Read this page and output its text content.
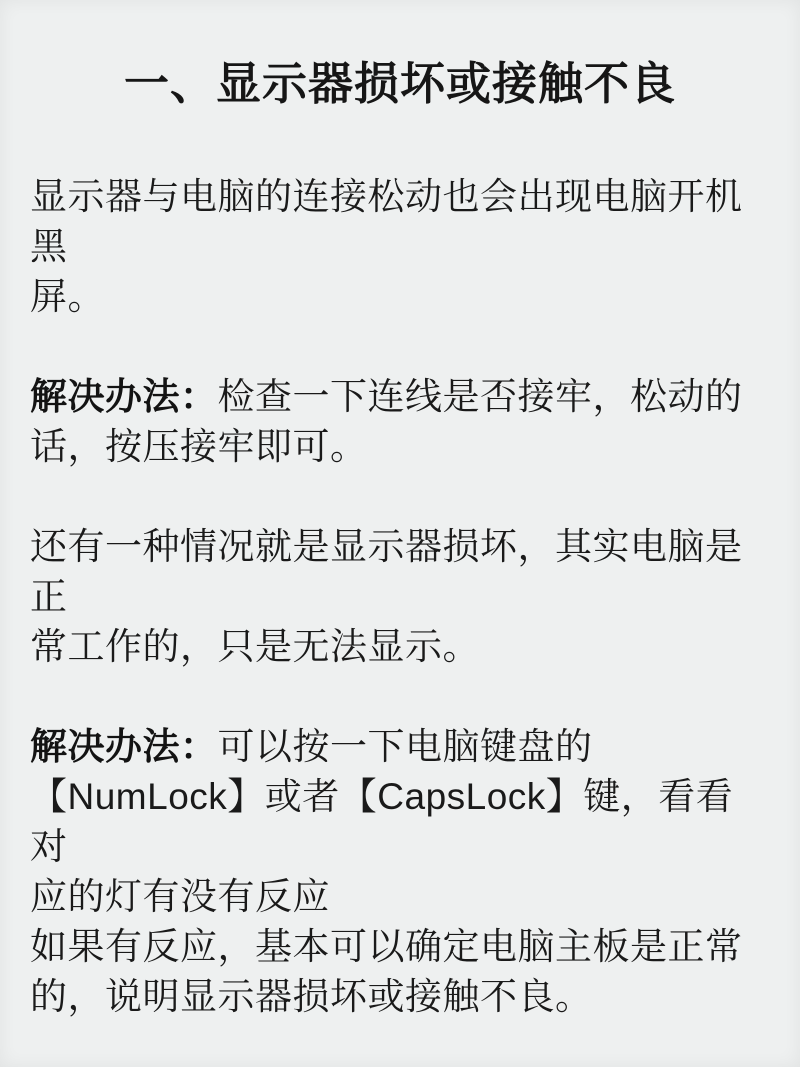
一、显示器损坏或接触不良

显示器与电脑的连接松动也会出现电脑开机黑
屏。

解决办法：检查一下连线是否接牢，松动的
话，按压接牢即可。

还有一种情况就是显示器损坏，其实电脑是正
常工作的，只是无法显示。

解决办法：可以按一下电脑键盘的
【NumLock】或者【CapsLock】键，看看对
应的灯有没有反应
如果有反应，基本可以确定电脑主板是正常
的，说明显示器损坏或接触不良。
